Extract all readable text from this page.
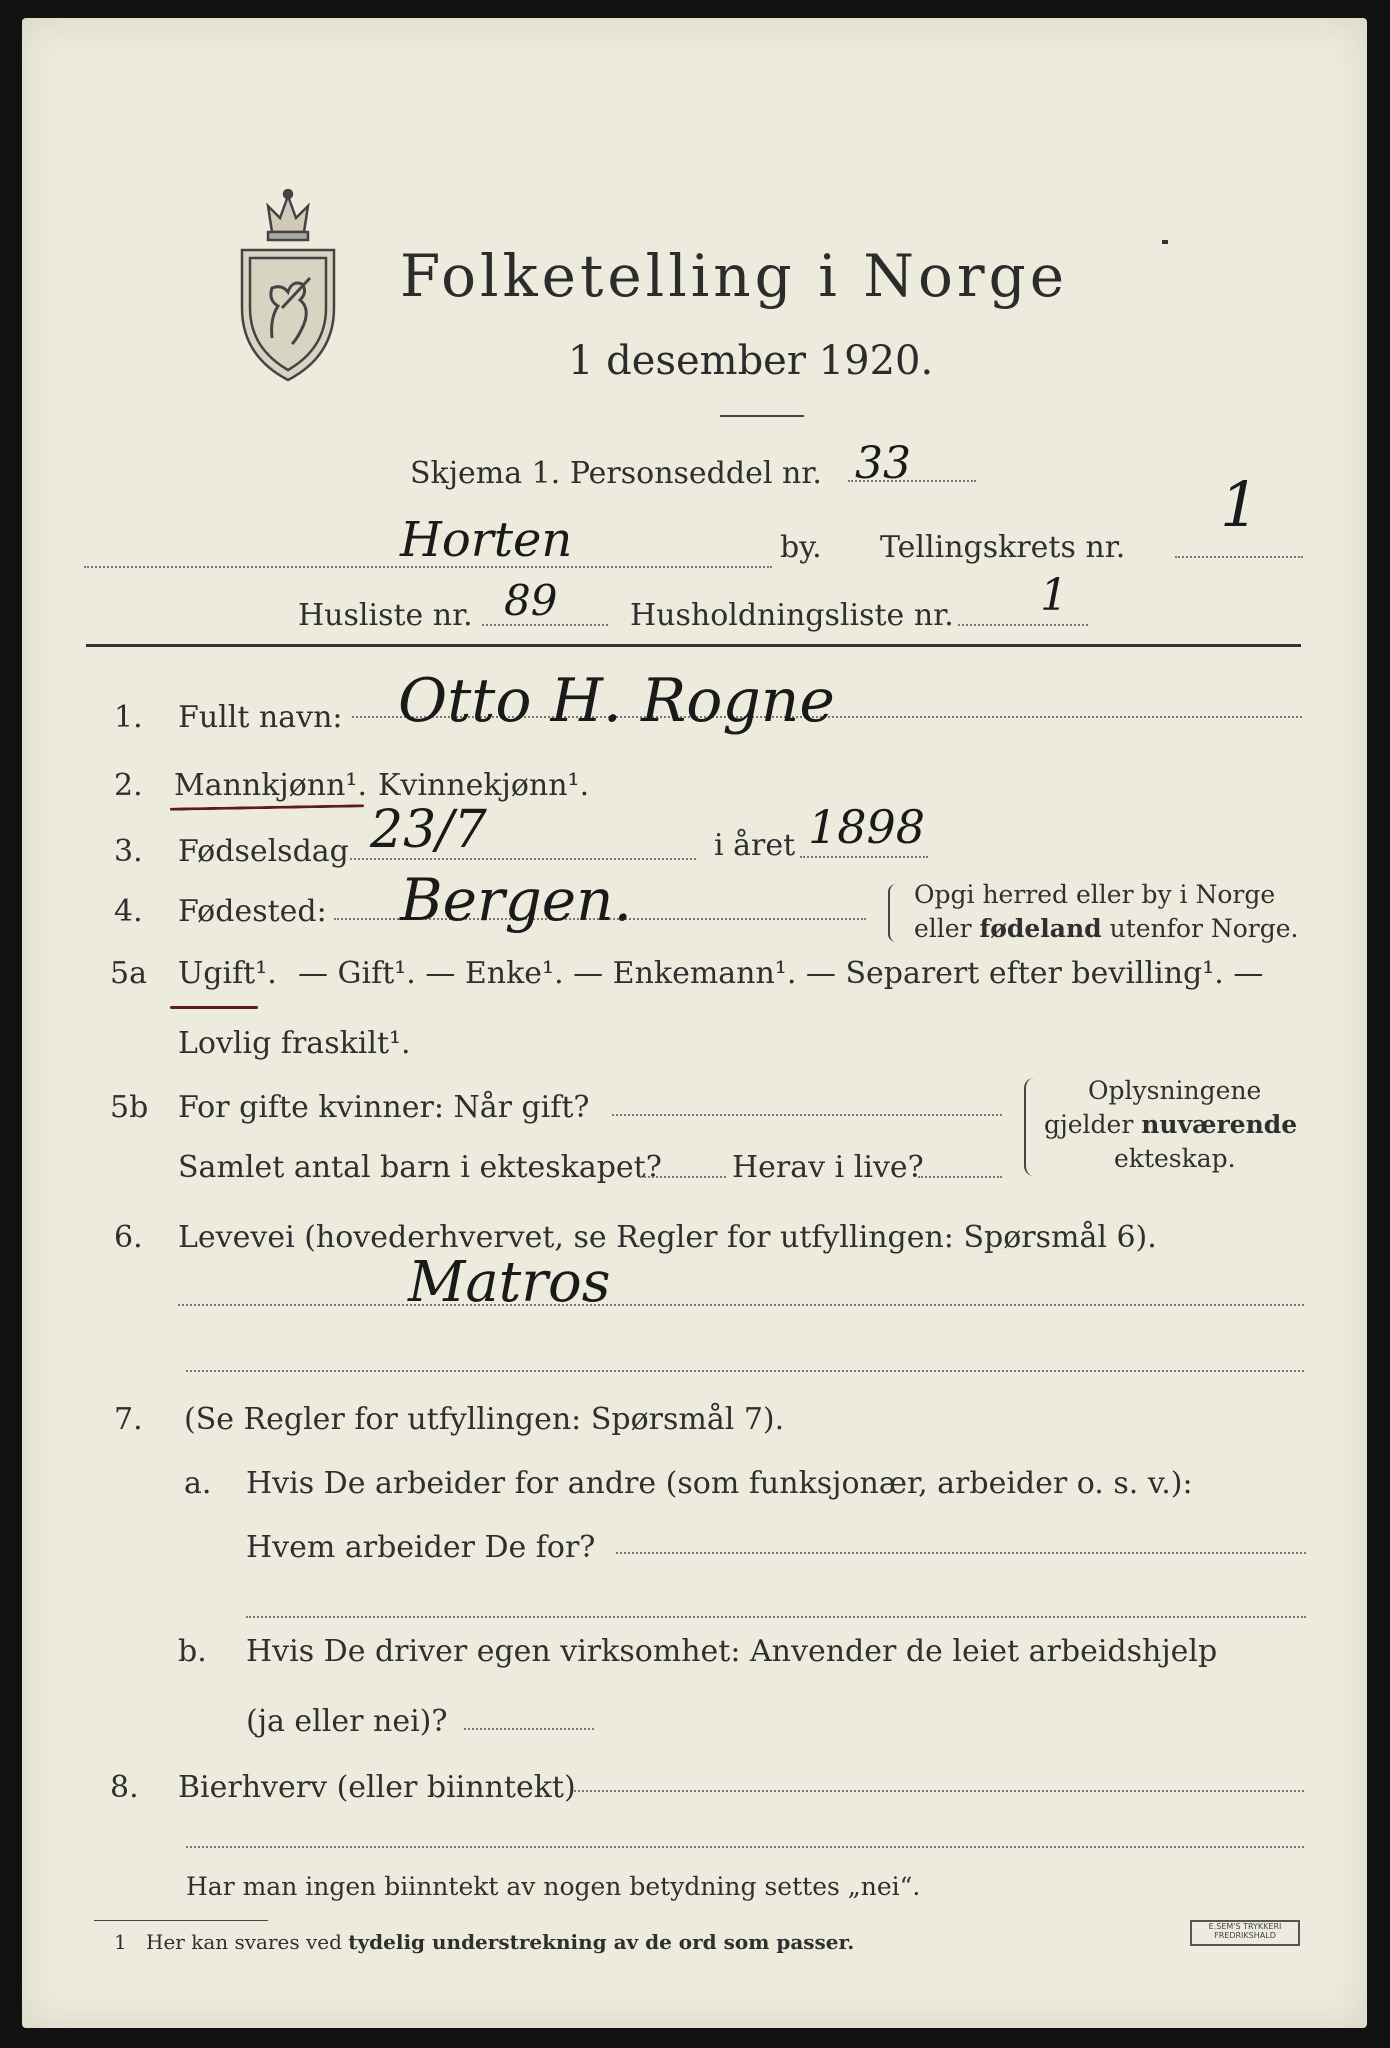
Folketelling i Norge
1 desember 1920.
Skjema 1. Personseddel nr. 33
Horten	by. Tellingskrets nr.
1
Husliste nr. 89 Husholdningsliste nr. 1
1. Fullt navn: Otto H. Rogne
2. Mannkjønn¹. Kvinnekjønn¹.
3. Fødselsdag 23/7	i året 1898
4. Fødested: Bergen.	Opgi herred eller by i Norge
eller fødeland utenfor Norge.
5a Ugift¹. — Gift¹. — Enke¹. — Enkemann¹. — Separert efter bevilling¹. —
Lovlig fraskilt¹.
5b For gifte kvinner: Når gift?
Samlet antal barn i ekteskapet? Herav i live?
Oplysningene
gjelder nuværende
ekteskap.
6. Levevei (hovederhvervet, se Regler for utfyllingen: Spørsmål 6).
Matros
7. (Se Regler for utfyllingen: Spørsmål 7).
a. Hvis De arbeider for andre (som funksjonær, arbeider o. s. v.):
Hvem arbeider De for?
b. Hvis De driver egen virksomhet: Anvender de leiet arbeidshjelp
(ja eller nei)?
8. Bierhverv (eller biinntekt)
Har man ingen biinntekt av nogen betydning settes „nei“.
1 Her kan svares ved tydelig understrekning av de ord som passer.
E.SEM'S TRYKKERI
FREDRIKSHALD
